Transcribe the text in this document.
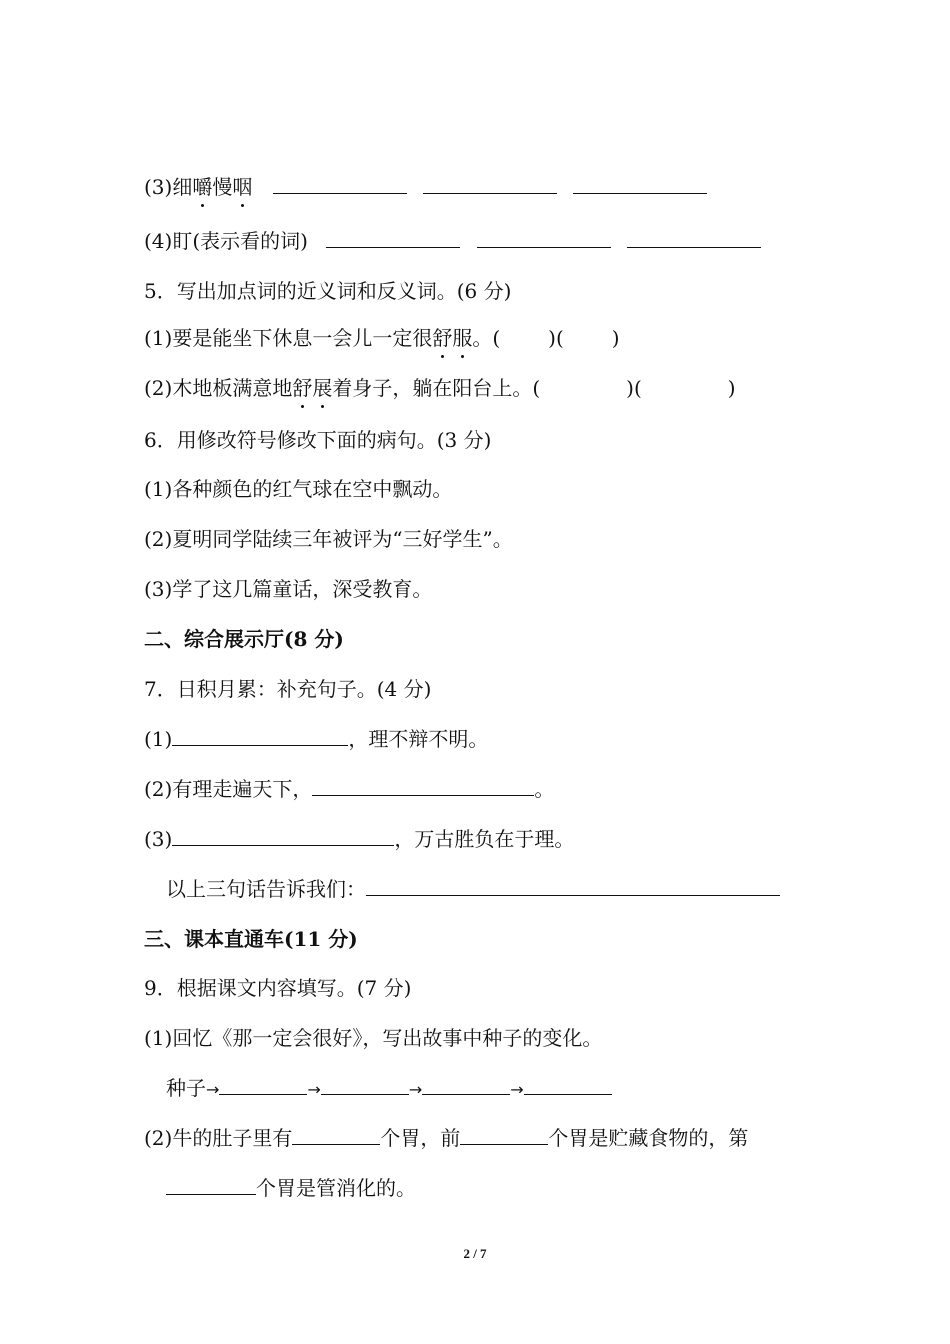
(3)细嚼慢咽
(4)盯(表示看的词)
5．写出加点词的近义词和反义词。(6 分)
(1)要是能坐下休息一会儿一定很舒服。( )( )
(2)木地板满意地舒展着身子，躺在阳台上。(	)(	)
6．用修改符号修改下面的病句。(3 分)
(1)各种颜色的红气球在空中飘动。
(2)夏明同学陆续三年被评为“三好学生”。
(3)学了这几篇童话，深受教育。
二、综合展示厅(8 分)
7．日积月累：补充句子。(4 分)
(1)	，理不辩不明。
(2)有理走遍天下，	。
(3)	，万古胜负在于理。
以上三句话告诉我们：
三、课本直通车(11 分)
9．根据课文内容填写。(7 分)
(1)回忆《那一定会很好》，写出故事中种子的变化。
种子→	→	→	→
(2)牛的肚子里有	个胃，前	个胃是贮藏食物的，第
个胃是管消化的。
2 / 7
